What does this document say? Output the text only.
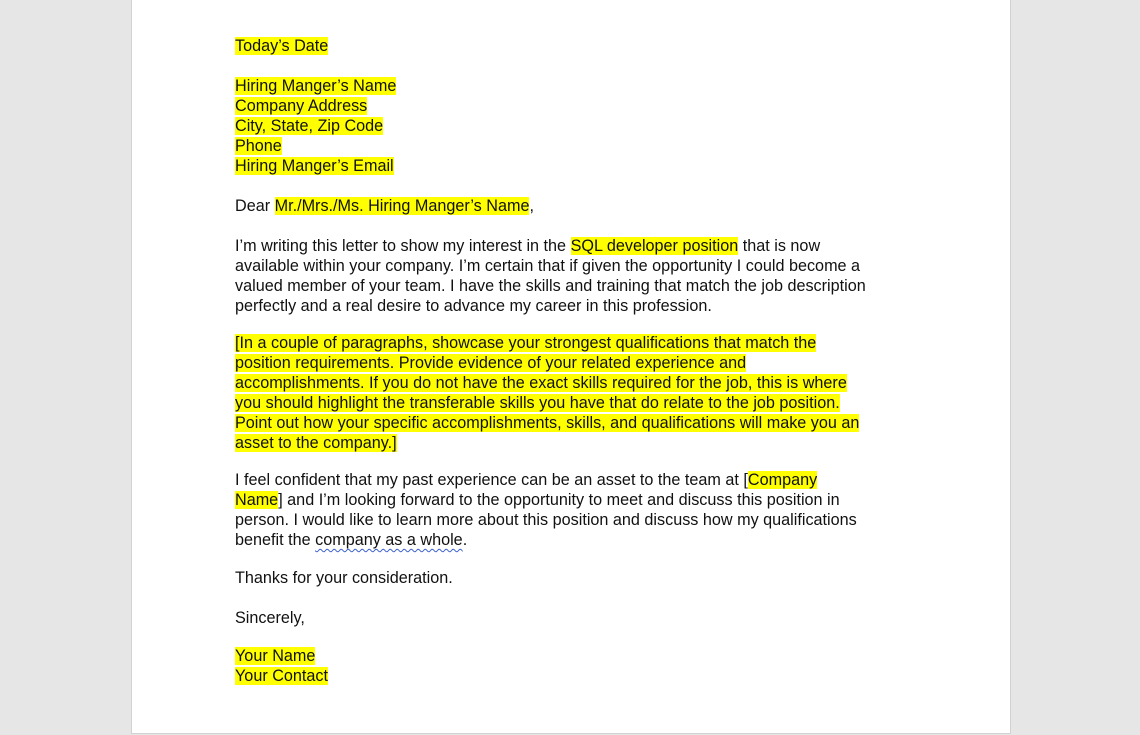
Today’s Date
Hiring Manger’s Name
Company Address
City, State, Zip Code
Phone
Hiring Manger’s Email
Dear Mr./Mrs./Ms. Hiring Manger’s Name,
I’m writing this letter to show my interest in the SQL developer position that is now
available within your company. I’m certain that if given the opportunity I could become a
valued member of your team. I have the skills and training that match the job description
perfectly and a real desire to advance my career in this profession.
[In a couple of paragraphs, showcase your strongest qualifications that match the
position requirements. Provide evidence of your related experience and
accomplishments. If you do not have the exact skills required for the job, this is where
you should highlight the transferable skills you have that do relate to the job position.
Point out how your specific accomplishments, skills, and qualifications will make you an
asset to the company.]
I feel confident that my past experience can be an asset to the team at [Company
Name] and I’m looking forward to the opportunity to meet and discuss this position in
person. I would like to learn more about this position and discuss how my qualifications
benefit the company as a whole.
Thanks for your consideration.
Sincerely,
Your Name
Your Contact
